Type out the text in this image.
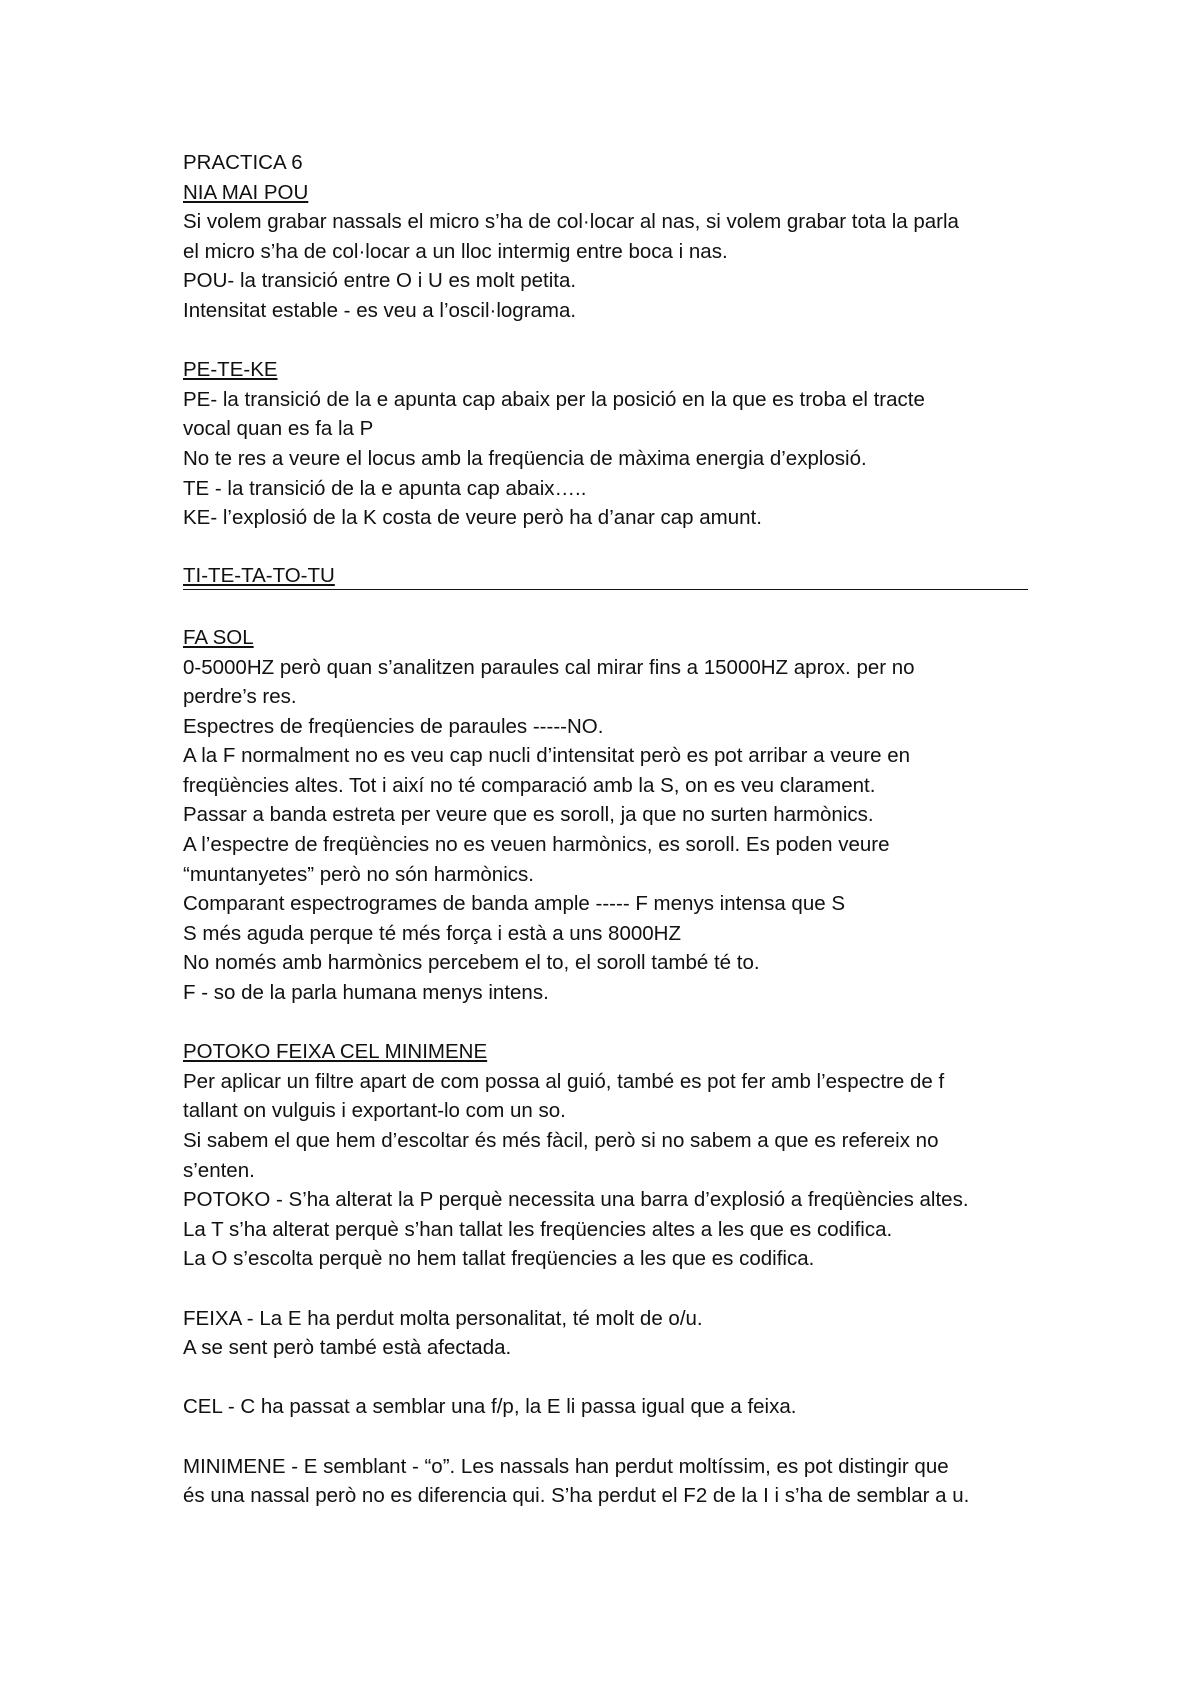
PRACTICA 6
NIA MAI POU
Si volem grabar nassals el micro s’ha de col·locar al nas, si volem grabar tota la parla
el micro s’ha de col·locar a un lloc intermig entre boca i nas.
POU- la transició entre O i U es molt petita.
Intensitat estable - es veu a l’oscil·lograma.
PE-TE-KE
PE- la transició de la e apunta cap abaix per la posició en la que es troba el tracte
vocal quan es fa la P
No te res a veure el locus amb la freqüencia de màxima energia d’explosió.
TE - la transició de la e apunta cap abaix…..
KE- l’explosió de la K costa de veure però ha d’anar cap amunt.
TI-TE-TA-TO-TU
FA SOL
0-5000HZ però quan s’analitzen paraules cal mirar fins a 15000HZ aprox. per no
perdre’s res.
Espectres de freqüencies de paraules -----NO.
A la F normalment no es veu cap nucli d’intensitat però es pot arribar a veure en
freqüències altes. Tot i així no té comparació amb la S, on es veu clarament.
Passar a banda estreta per veure que es soroll, ja que no surten harmònics.
A l’espectre de freqüències no es veuen harmònics, es soroll. Es poden veure
“muntanyetes” però no són harmònics.
Comparant espectrogrames de banda ample ----- F menys intensa que S
S més aguda perque té més força i està a uns 8000HZ
No només amb harmònics percebem el to, el soroll també té to.
F - so de la parla humana menys intens.
POTOKO FEIXA CEL MINIMENE
Per aplicar un filtre apart de com possa al guió, també es pot fer amb l’espectre de f
tallant on vulguis i exportant-lo com un so.
Si sabem el que hem d’escoltar és més fàcil, però si no sabem a que es refereix no
s’enten.
POTOKO - S’ha alterat la P perquè necessita una barra d’explosió a freqüències altes.
La T s’ha alterat perquè s’han tallat les freqüencies altes a les que es codifica.
La O s’escolta perquè no hem tallat freqüencies a les que es codifica.
FEIXA - La E ha perdut molta personalitat, té molt de o/u.
A se sent però també està afectada.
CEL - C ha passat a semblar una f/p, la E li passa igual que a feixa.
MINIMENE - E semblant - “o”. Les nassals han perdut moltíssim, es pot distingir que
és una nassal però no es diferencia qui. S’ha perdut el F2 de la I i s’ha de semblar a u.
